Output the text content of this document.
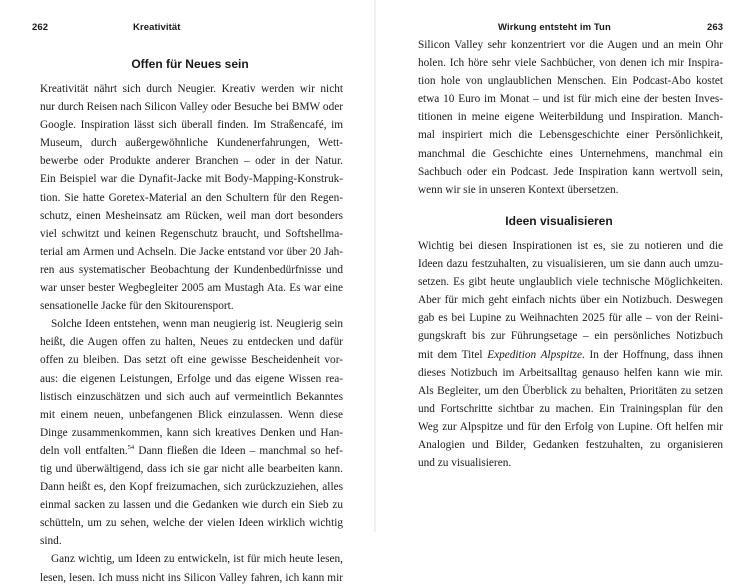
262	Kreativität
Offen für Neues sein
Kreativität nährt sich durch Neugier. Kreativ werden wir nicht
nur durch Reisen nach Silicon Valley oder Besuche bei BMW oder
Google. Inspiration lässt sich überall finden. Im Straßencafé, im
Museum, durch außergewöhnliche Kundenerfahrungen, Wett-
bewerbe oder Produkte anderer Branchen – oder in der Natur.
Ein Beispiel war die Dynafit-Jacke mit Body-Mapping-Konstruk-
tion. Sie hatte Goretex-Material an den Schultern für den Regen-
schutz, einen Mesheinsatz am Rücken, weil man dort besonders
viel schwitzt und keinen Regenschutz braucht, und Softshellma-
terial am Armen und Achseln. Die Jacke entstand vor über 20 Jah-
ren aus systematischer Beobachtung der Kundenbedürfnisse und
war unser bester Wegbegleiter 2005 am Mustagh Ata. Es war eine
sensationelle Jacke für den Skitourensport.
Solche Ideen entstehen, wenn man neugierig ist. Neugierig sein
heißt, die Augen offen zu halten, Neues zu entdecken und dafür
offen zu bleiben. Das setzt oft eine gewisse Bescheidenheit vor-
aus: die eigenen Leistungen, Erfolge und das eigene Wissen rea-
listisch einzuschätzen und sich auch auf vermeintlich Bekanntes
mit einem neuen, unbefangenen Blick einzulassen. Wenn diese
Dinge zusammenkommen, kann sich kreatives Denken und Han-
deln voll entfalten.$^{54}$ Dann fließen die Ideen – manchmal so hef-
tig und überwältigend, dass ich sie gar nicht alle bearbeiten kann.
Dann heißt es, den Kopf freizumachen, sich zurückzuziehen, alles
einmal sacken zu lassen und die Gedanken wie durch ein Sieb zu
schütteln, um zu sehen, welche der vielen Ideen wirklich wichtig
sind.
Ganz wichtig, um Ideen zu entwickeln, ist für mich heute lesen,
lesen, lesen. Ich muss nicht ins Silicon Valley fahren, ich kann mir
Wirkung entsteht im Tun	263
Silicon Valley sehr konzentriert vor die Augen und an mein Ohr
holen. Ich höre sehr viele Sachbücher, von denen ich mir Inspira-
tion hole von unglaublichen Menschen. Ein Podcast-Abo kostet
etwa 10 Euro im Monat – und ist für mich eine der besten Inves-
titionen in meine eigene Weiterbildung und Inspiration. Manch-
mal inspiriert mich die Lebensgeschichte einer Persönlichkeit,
manchmal die Geschichte eines Unternehmens, manchmal ein
Sachbuch oder ein Podcast. Jede Inspiration kann wertvoll sein,
wenn wir sie in unseren Kontext übersetzen.
Ideen visualisieren
Wichtig bei diesen Inspirationen ist es, sie zu notieren und die
Ideen dazu festzuhalten, zu visualisieren, um sie dann auch umzu-
setzen. Es gibt heute unglaublich viele technische Möglichkeiten.
Aber für mich geht einfach nichts über ein Notizbuch. Deswegen
gab es bei Lupine zu Weihnachten 2025 für alle – von der Reini-
gungskraft bis zur Führungsetage – ein persönliches Notizbuch
mit dem Titel Expedition Alpspitze. In der Hoffnung, dass ihnen
dieses Notizbuch im Arbeitsalltag genauso helfen kann wie mir.
Als Begleiter, um den Überblick zu behalten, Prioritäten zu setzen
und Fortschritte sichtbar zu machen. Ein Trainingsplan für den
Weg zur Alpspitze und für den Erfolg von Lupine. Oft helfen mir
Analogien und Bilder, Gedanken festzuhalten, zu organisieren
und zu visualisieren.
